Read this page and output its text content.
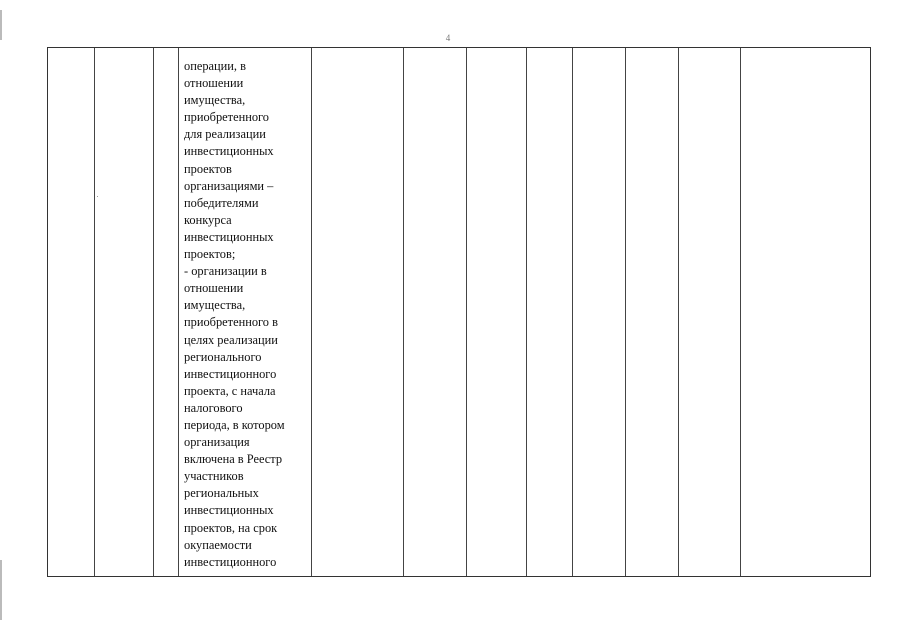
4
операции, в
отношении
имущества,
приобретенного
для реализации
инвестиционных
проектов
организациями –
победителями
конкурса
инвестиционных
проектов;
- организации в
отношении
имущества,
приобретенного в
целях реализации
регионального
инвестиционного
проекта, с начала
налогового
периода, в котором
организация
включена в Реестр
участников
региональных
инвестиционных
проектов, на срок
окупаемости
инвестиционного
